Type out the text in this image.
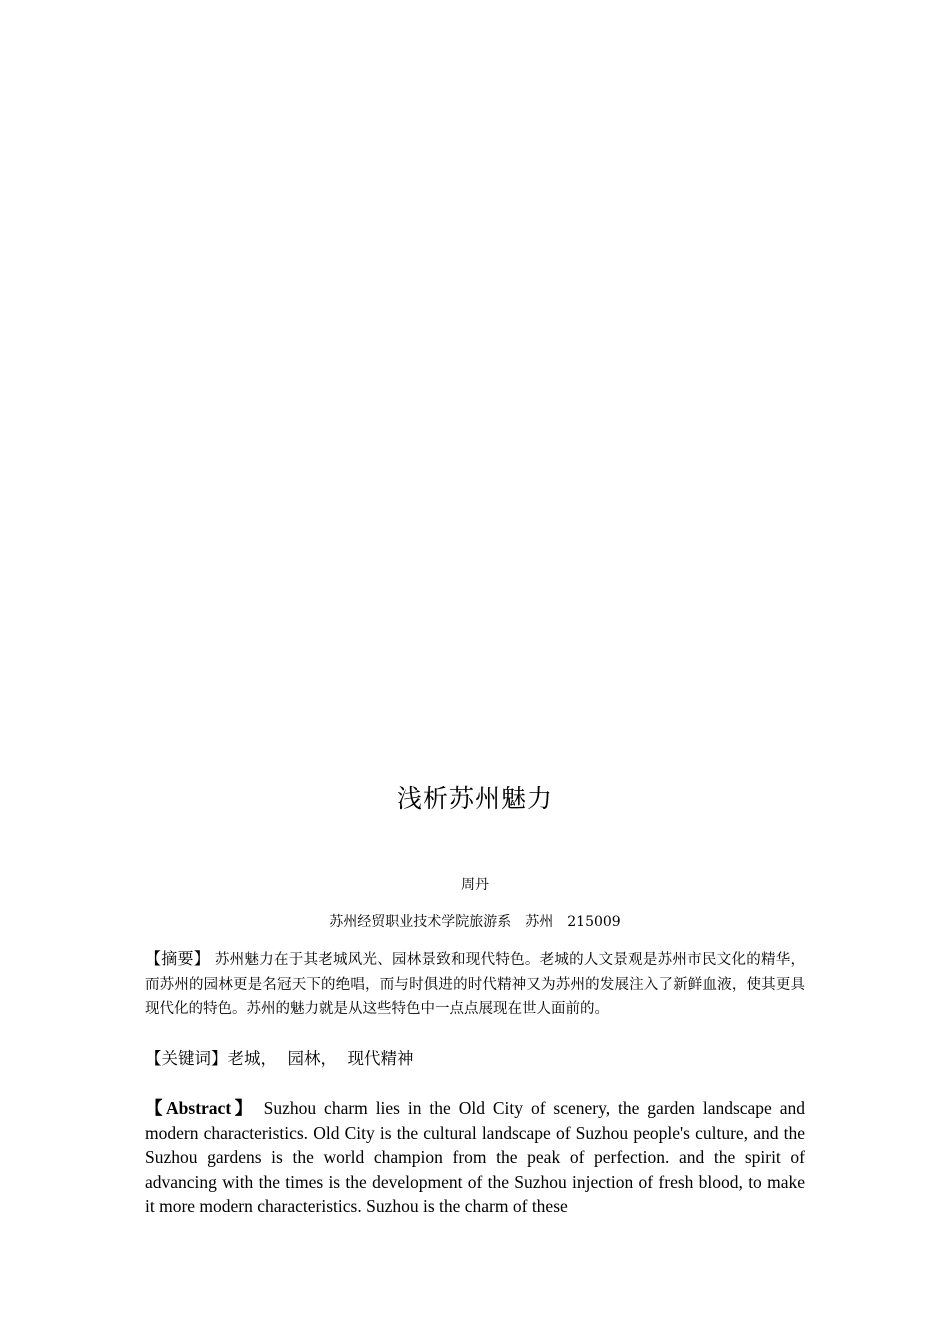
浅析苏州魅力
周丹
苏州经贸职业技术学院旅游系　苏州　215009
【摘要】 苏州魅力在于其老城风光、园林景致和现代特色。老城的人文景观是苏州市民文化的精华，而苏州的园林更是名冠天下的绝唱，而与时俱进的时代精神又为苏州的发展注入了新鲜血液，使其更具现代化的特色。苏州的魅力就是从这些特色中一点点展现在世人面前的。
【关键词】老城，  园林，  现代精神
【Abstract】 Suzhou charm lies in the Old City of scenery, the garden landscape and modern characteristics. Old City is the cultural landscape of Suzhou people's culture, and the Suzhou gardens is the world champion from the peak of perfection. and the spirit of advancing with the times is the development of the Suzhou injection of fresh blood, to make it more modern characteristics. Suzhou is the charm of these
